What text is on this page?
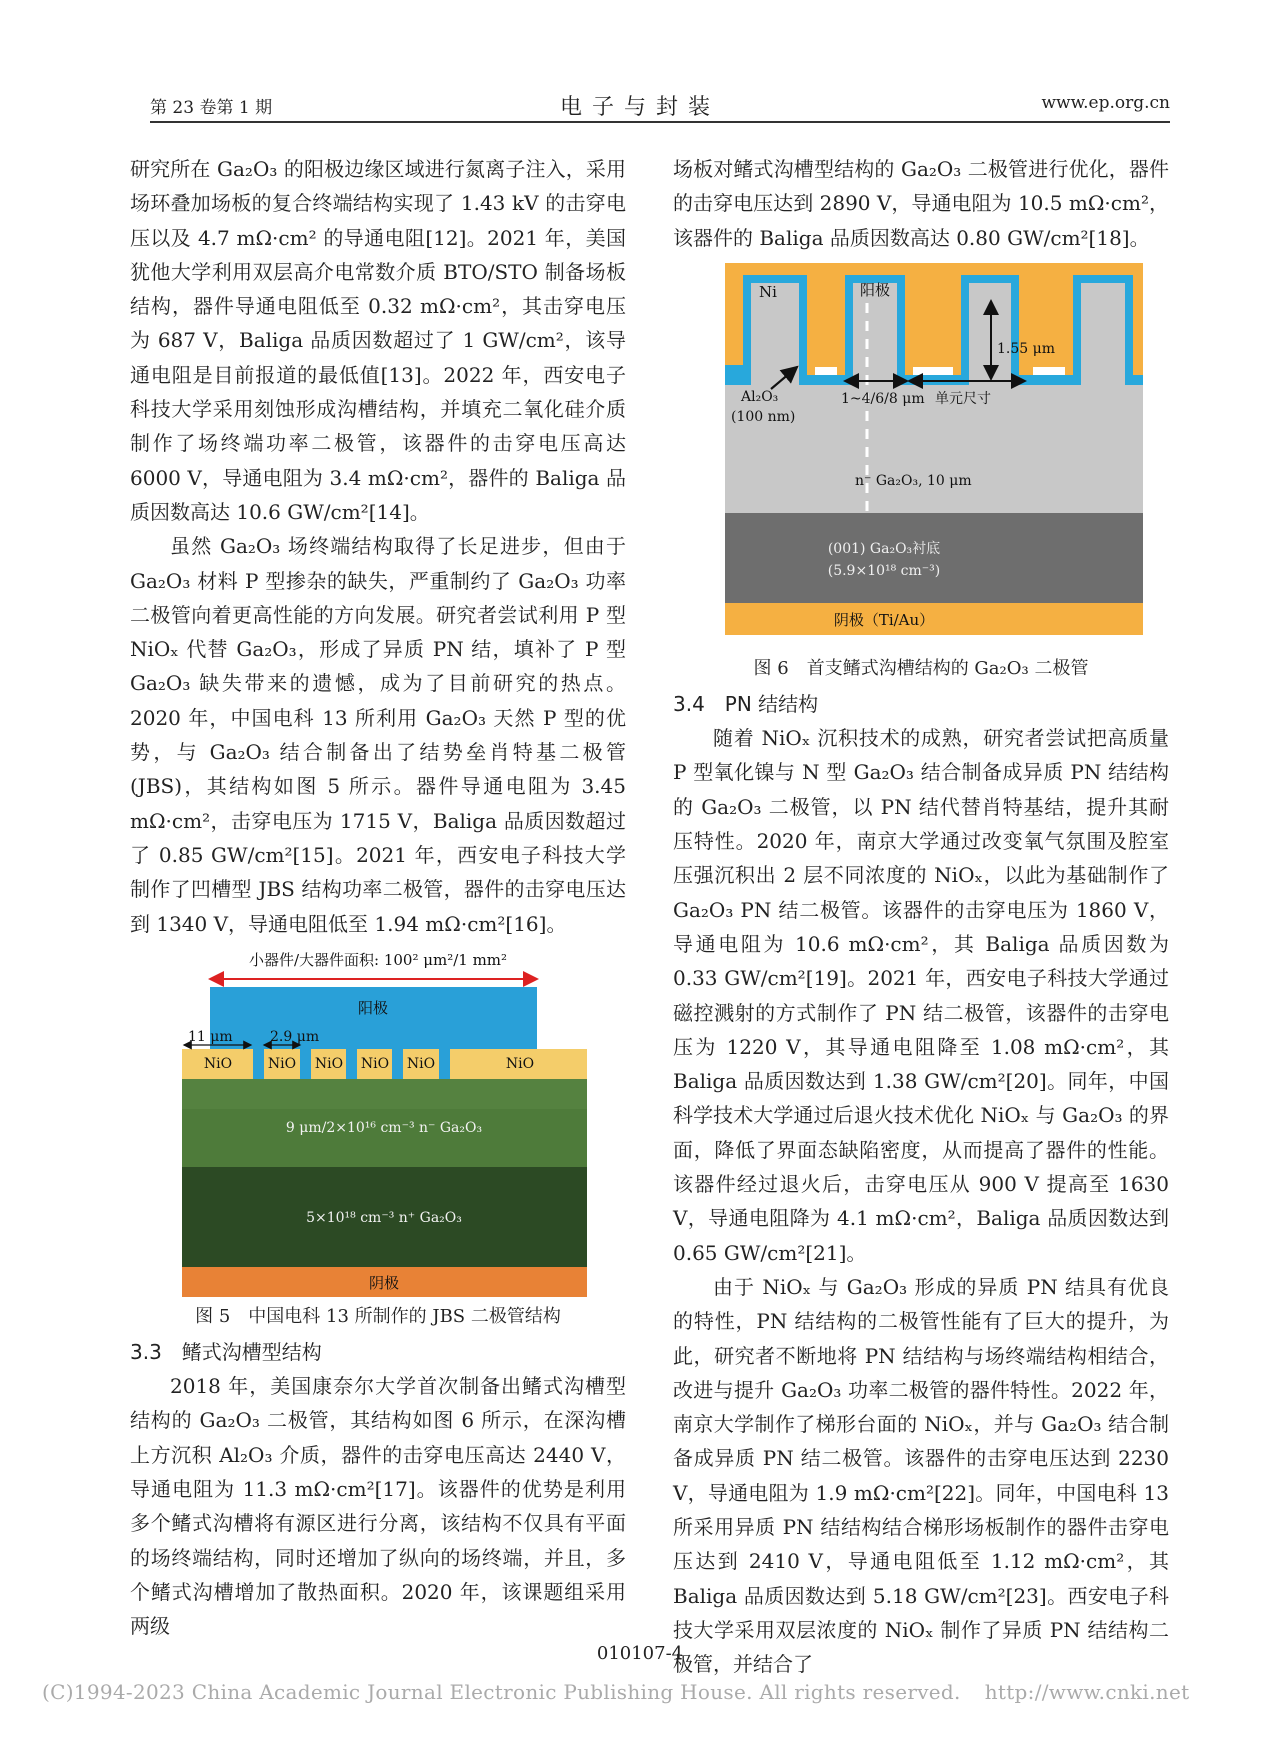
第 23 卷第 1 期	电子与封装	www.ep.org.cn

研究所在 Ga₂O₃ 的阳极边缘区域进行氮离子注入，采用场环叠加场板的复合终端结构实现了 1.43 kV 的击穿电压以及 4.7 mΩ·cm² 的导通电阻[12]。2021 年，美国犹他大学利用双层高介电常数介质 BTO/STO 制备场板结构，器件导通电阻低至 0.32 mΩ·cm²，其击穿电压为 687 V，Baliga 品质因数超过了 1 GW/cm²，该导通电阻是目前报道的最低值[13]。2022 年，西安电子科技大学采用刻蚀形成沟槽结构，并填充二氧化硅介质制作了场终端功率二极管，该器件的击穿电压高达 6000 V，导通电阻为 3.4 mΩ·cm²，器件的 Baliga 品质因数高达 10.6 GW/cm²[14]。

虽然 Ga₂O₃ 场终端结构取得了长足进步，但由于 Ga₂O₃ 材料 P 型掺杂的缺失，严重制约了 Ga₂O₃ 功率二极管向着更高性能的方向发展。研究者尝试利用 P 型 NiOₓ 代替 Ga₂O₃，形成了异质 PN 结，填补了 P 型 Ga₂O₃ 缺失带来的遗憾，成为了目前研究的热点。2020 年，中国电科 13 所利用 Ga₂O₃ 天然 P 型的优势，与 Ga₂O₃ 结合制备出了结势垒肖特基二极管(JBS)，其结构如图 5 所示。器件导通电阻为 3.45 mΩ·cm²，击穿电压为 1715 V，Baliga 品质因数超过了 0.85 GW/cm²[15]。2021 年，西安电子科技大学制作了凹槽型 JBS 结构功率二极管，器件的击穿电压达到 1340 V，导通电阻低至 1.94 mΩ·cm²[16]。

小器件/大器件面积: 100² μm²/1 mm²
阳极
NiO	NiO NiO NiO NiO	NiO
11 μm	2.9 μm
9 μm/2×10¹⁶ cm⁻³ n⁻ Ga₂O₃
5×10¹⁸ cm⁻³ n⁺ Ga₂O₃
阴极
图 5　中国电科 13 所制作的 JBS 二极管结构

3.3　鳍式沟槽型结构

2018 年，美国康奈尔大学首次制备出鳍式沟槽型结构的 Ga₂O₃ 二极管，其结构如图 6 所示，在深沟槽上方沉积 Al₂O₃ 介质，器件的击穿电压高达 2440 V，导通电阻为 11.3 mΩ·cm²[17]。该器件的优势是利用多个鳍式沟槽将有源区进行分离，该结构不仅具有平面的场终端结构，同时还增加了纵向的场终端，并且，多个鳍式沟槽增加了散热面积。2020 年，该课题组采用两级

场板对鳍式沟槽型结构的 Ga₂O₃ 二极管进行优化，器件的击穿电压达到 2890 V，导通电阻为 10.5 mΩ·cm²，该器件的 Baliga 品质因数高达 0.80 GW/cm²[18]。

Ni	阳极
1.55 μm
Al₂O₃
(100 nm)
1~4/6/8 μm 单元尺寸
n⁻ Ga₂O₃, 10 μm
(001) Ga₂O₃衬底
(5.9×10¹⁸ cm⁻³)
阴极（Ti/Au）
图 6　首支鳍式沟槽结构的 Ga₂O₃ 二极管

3.4　PN 结结构

随着 NiOₓ 沉积技术的成熟，研究者尝试把高质量 P 型氧化镍与 N 型 Ga₂O₃ 结合制备成异质 PN 结结构的 Ga₂O₃ 二极管，以 PN 结代替肖特基结，提升其耐压特性。2020 年，南京大学通过改变氧气氛围及腔室压强沉积出 2 层不同浓度的 NiOₓ，以此为基础制作了 Ga₂O₃ PN 结二极管。该器件的击穿电压为 1860 V，导通电阻为 10.6 mΩ·cm²，其 Baliga 品质因数为 0.33 GW/cm²[19]。2021 年，西安电子科技大学通过磁控溅射的方式制作了 PN 结二极管，该器件的击穿电压为 1220 V，其导通电阻降至 1.08 mΩ·cm²，其 Baliga 品质因数达到 1.38 GW/cm²[20]。同年，中国科学技术大学通过后退火技术优化 NiOₓ 与 Ga₂O₃ 的界面，降低了界面态缺陷密度，从而提高了器件的性能。该器件经过退火后，击穿电压从 900 V 提高至 1630 V，导通电阻降为 4.1 mΩ·cm²，Baliga 品质因数达到 0.65 GW/cm²[21]。

由于 NiOₓ 与 Ga₂O₃ 形成的异质 PN 结具有优良的特性，PN 结结构的二极管性能有了巨大的提升，为此，研究者不断地将 PN 结结构与场终端结构相结合，改进与提升 Ga₂O₃ 功率二极管的器件特性。2022 年，南京大学制作了梯形台面的 NiOₓ，并与 Ga₂O₃ 结合制备成异质 PN 结二极管。该器件的击穿电压达到 2230 V，导通电阻为 1.9 mΩ·cm²[22]。同年，中国电科 13 所采用异质 PN 结结构结合梯形场板制作的器件击穿电压达到 2410 V，导通电阻低至 1.12 mΩ·cm²，其 Baliga 品质因数达到 5.18 GW/cm²[23]。西安电子科技大学采用双层浓度的 NiOₓ 制作了异质 PN 结结构二极管，并结合了

010107-4
(C)1994-2023 China Academic Journal Electronic Publishing House. All rights reserved. http://www.cnki.net
